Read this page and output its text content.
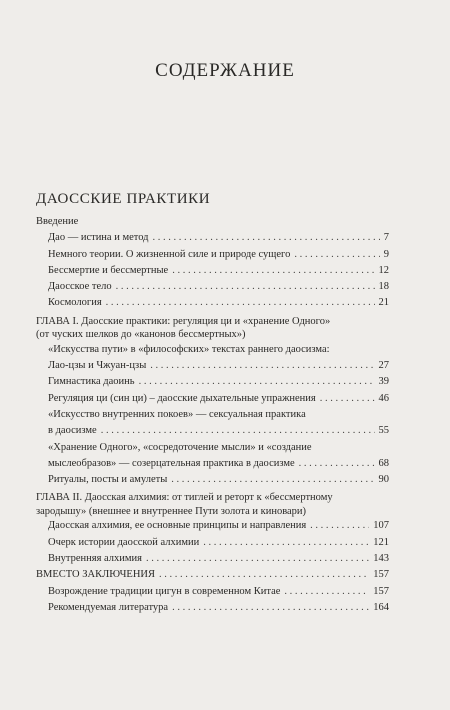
СОДЕРЖАНИЕ
ДАОССКИЕ ПРАКТИКИ
Введение
Дао — истина и метод . . .	7
Немного теории. О жизненной силе и природе сущего . . .	9
Бессмертие и бессмертные . . .	12
Даосское тело . . .	18
Космология . . .	21
ГЛАВА I. Даосские практики: регуляция ци и «хранение Одного»
(от чуских шелков до «канонов бессмертных»)
«Искусства пути» в «философских» текстах раннего даосизма:
Лао-цзы и Чжуан-цзы . . .	27
Гимнастика даоинь . . .	39
Регуляция ци (син ци) – даосские дыхательные упражнения . . .	46
«Искусство внутренних покоев» — сексуальная практика
в даосизме . . .	55
«Хранение Одного», «сосредоточение мысли» и «создание
мыслеобразов» — созерцательная практика в даосизме . . .	68
Ритуалы, посты и амулеты . . .	90
ГЛАВА II. Даосская алхимия: от тиглей и реторт к «бессмертному
зародышу» (внешнее и внутреннее Пути золота и киновари)
Даосская алхимия, ее основные принципы и направления . . .	107
Очерк истории даосской алхимии . . .	121
Внутренняя алхимия . . .	143
ВМЕСТО ЗАКЛЮЧЕНИЯ . . .	157
Возрождение традиции цигун в современном Китае . . .	157
Рекомендуемая литература . . .	164
